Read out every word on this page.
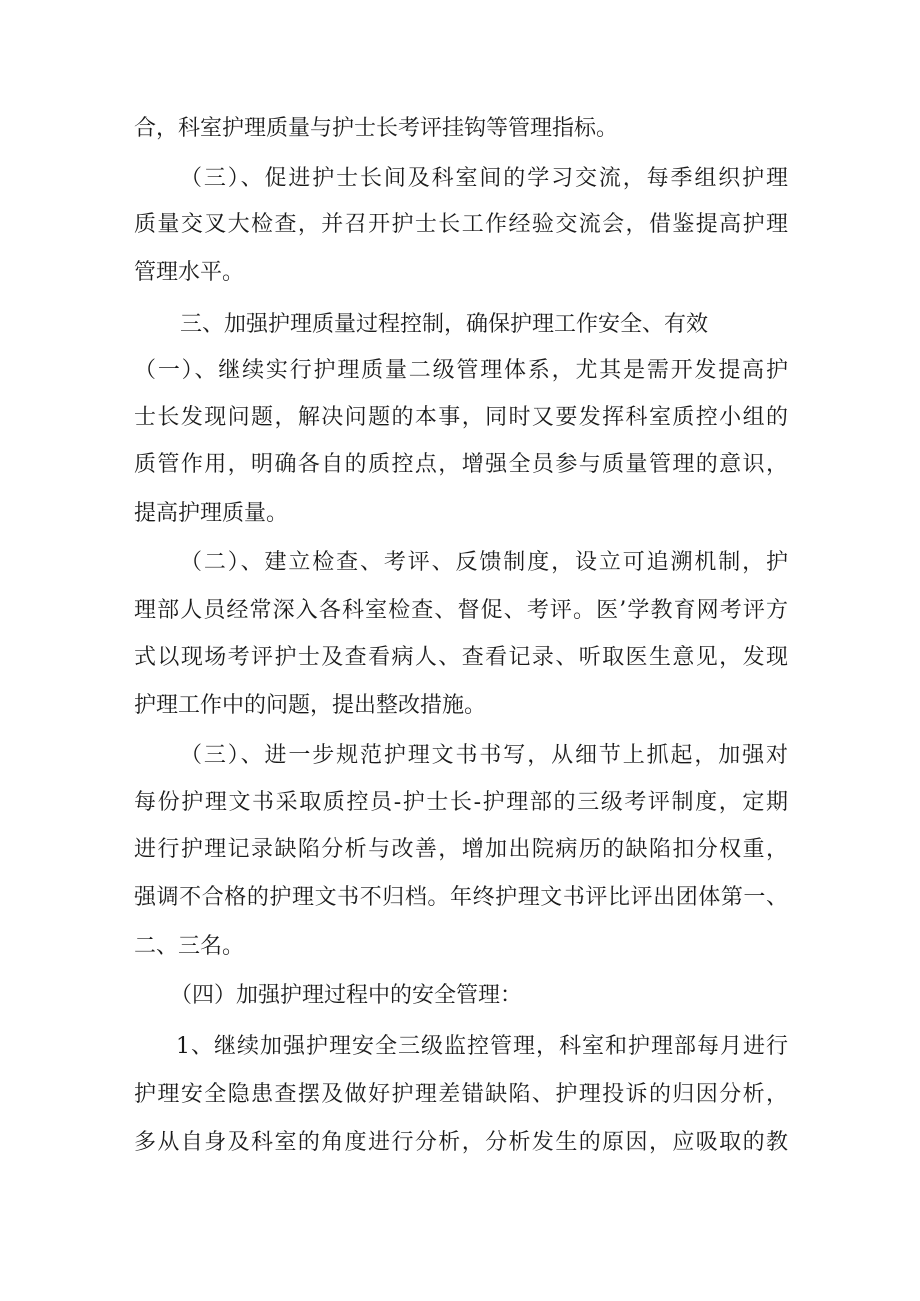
合，科室护理质量与护士长考评挂钩等管理指标。

（三）、促进护士长间及科室间的学习交流，每季组织护理

质量交叉大检查，并召开护士长工作经验交流会，借鉴提高护理

管理水平。

三、加强护理质量过程控制，确保护理工作安全、有效

（一）、继续实行护理质量二级管理体系，尤其是需开发提高护

士长发现问题，解决问题的本事，同时又要发挥科室质控小组的

质管作用，明确各自的质控点，增强全员参与质量管理的意识，

提高护理质量。

（二）、建立检查、考评、反馈制度，设立可追溯机制，护

理部人员经常深入各科室检查、督促、考评。医’学教育网考评方

式以现场考评护士及查看病人、查看记录、听取医生意见，发现

护理工作中的问题，提出整改措施。

（三）、进一步规范护理文书书写，从细节上抓起，加强对

每份护理文书采取质控员-护士长-护理部的三级考评制度，定期

进行护理记录缺陷分析与改善，增加出院病历的缺陷扣分权重，

强调不合格的护理文书不归档。年终护理文书评比评出团体第一、

二、三名。

（四）加强护理过程中的安全管理：

1、继续加强护理安全三级监控管理，科室和护理部每月进行

护理安全隐患查摆及做好护理差错缺陷、护理投诉的归因分析，

多从自身及科室的角度进行分析，分析发生的原因，应吸取的教
